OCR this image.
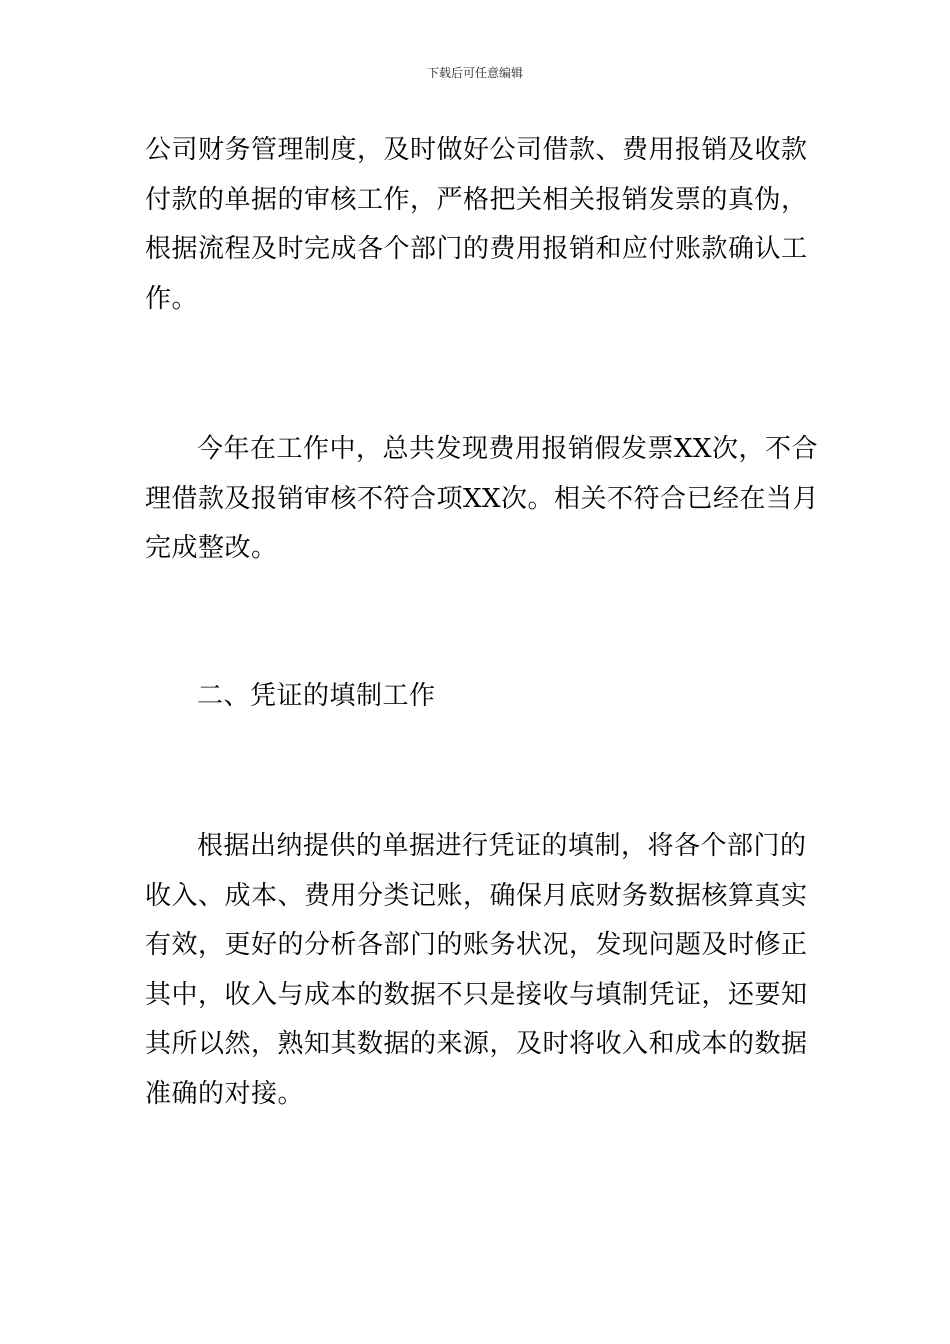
下载后可任意编辑

公司财务管理制度，及时做好公司借款、费用报销及收款
付款的单据的审核工作，严格把关相关报销发票的真伪，
根据流程及时完成各个部门的费用报销和应付账款确认工
作。

今年在工作中，总共发现费用报销假发票XX次，不合
理借款及报销审核不符合项XX次。相关不符合已经在当月
完成整改。

二、凭证的填制工作

根据出纳提供的单据进行凭证的填制，将各个部门的
收入、成本、费用分类记账，确保月底财务数据核算真实
有效，更好的分析各部门的账务状况，发现问题及时修正
其中，收入与成本的数据不只是接收与填制凭证，还要知
其所以然，熟知其数据的来源，及时将收入和成本的数据
准确的对接。
